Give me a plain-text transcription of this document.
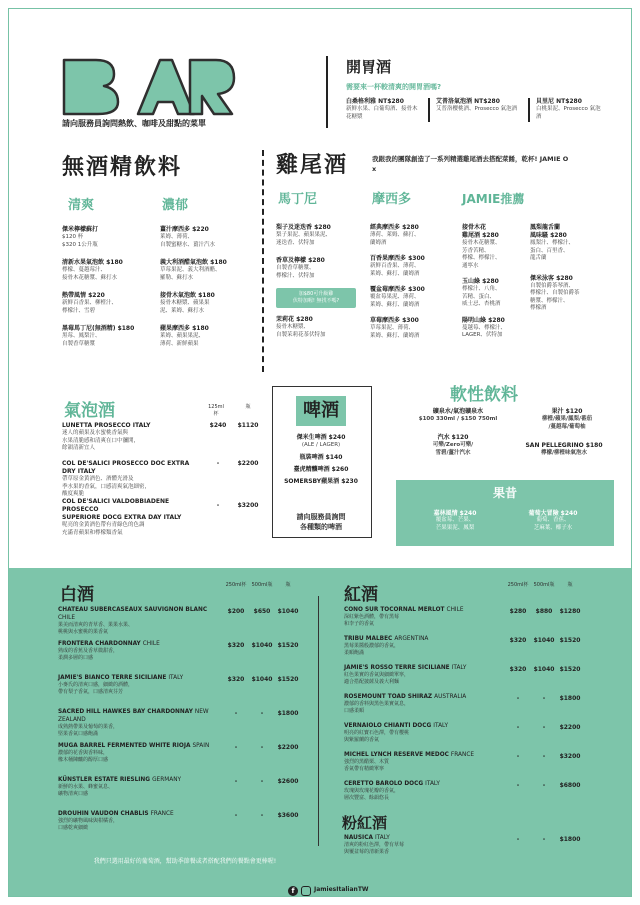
請向服務員詢問熱飲、咖啡及甜點的菜單
開胃酒
需要來一杯較清爽的開胃酒嗎?
白桑格利雅 NT$280
新鮮水果、白葡萄酒、接骨木花糖漿
艾普洛氣泡酒 NT$280
艾普洛櫻桃酒、Prosecco 氣泡酒
貝里尼 NT$280
白桃果泥、Prosecco 氣泡酒
無酒精飲料
清爽	濃郁
傑米檸檬蘇打
$120 杯
$320 1公升瓶
清新水果氣泡飲 $180
檸檬、蔓越莓汁、
接骨木花糖漿、蘇打水
熱帶風情 $220
新鮮百香果、柳橙汁、
檸檬汁、雪碧
黑莓馬丁尼(無酒精) $180
黑莓、鳳梨汁、
自製香草糖漿
薑汁摩西多 $220
萊姆、薄荷、
自製蜜糖水、薑汁汽水
義大利酒醋氣泡飲 $180
草莓果泥、義大利酒醋、
羅勒、蘇打水
接骨木氣泡飲 $180
接骨木糖漿、蘋果果
泥、萊姆、蘇打水
蘋果摩西多 $180
萊姆、蘋果果泥、
薄荷、新鮮蘋果
雞尾酒	我跟我的團隊創造了一系列精選雞尾酒去搭配菜餚，乾杯! JAMIE O x
馬丁尼	摩西多	JAMIE推薦
梨子及迷迭香 $280
梨子果泥、蘋果果泥、
迷迭香、伏特加
香草及檸檬 $280
自製香草糖漿、
檸檬汁、伏特加
加$80可升級雞
伏特加喔! 無找不嗎?
茉莉花 $280
接骨木糖漿、
自製茉莉花茶伏特加
經典摩西多 $280
薄荷、萊姆、蘇打、
蘭姆酒
百香果摩西多 $300
新鮮百香果、薄荷、
萊姆、蘇打、蘭姆酒
覆盆莓摩西多 $300
覆盆莓果泥、薄荷、
萊姆、蘇打、蘭姆酒
草莓摩西多 $300
草莓果泥、薄荷、
萊姆、蘇打、蘭姆酒
接骨木花
雞尾酒 $280
接骨木花糖漿、
芳香苦精、
檸檬、檸檬汁、
通寧水
玉山綠 $280
檸檬汁、八角、
苦精、蛋白、
威士忌、杏桃酒
陽明山綠 $280
蔓越莓、檸檬汁、
LAGER、伏特加
鳳梨龍舌蘭
風味騷 $280
鳳梨汁、檸檬汁、
蛋白、百里香、
龍舌蘭
傑米泳客 $280
自製伯爵茶琴酒、
檸檬汁、自製伯爵茶
糖漿、檸檬汁、
檸檬酒
氣泡酒	125ml 杯
瓶
LUNETTA PROSECCO ITALY
迷人的蘋果及水蜜桃香氣與
水果清脆感和清爽在口中瀰開，
餘韻清新宜人
$240	$1120
COL DE'SALICI PROSECCO DOC EXTRA DRY ITALY
帶草原金黃酒色、酒體光滑及
季水果的香氣，口感清爽氣泡細密，
酸度爽脆
-	$2200
COL DE'SALICI VALDOBBIADENE PROSECCO
SUPERIORE DOCG EXTRA DAY ITALY
呢亮的金黃酒色帶有青綠色的色調
充滿青蘋果和檸檬類香氣
-	$3200
啤酒
傑米生啤酒 $240
(ALE / LAGER)
瓶裝啤酒 $140
臺虎精釀啤酒 $260
SOMERSBY蘋果酒 $230
請向服務員詢問
各種類的啤酒
軟性飲料
礦泉水/氣泡礦泉水
$100 330ml / $150 750ml
果汁 $120
柳橙/蘋果/鳳梨/番茄
/蔓越莓/葡萄柚
汽水 $120
可樂/Zero可樂/
雪碧/薑汁汽水
SAN PELLEGRINO $180
檸檬/柳橙味氣泡水
果昔
嘉林風情 $240
覆盆莓、芒果、
芒果果泥、鳳梨
葡萄大冒險 $240
葡萄、香蕉、
芝麻葉、椰子水
白酒	250ml杯	500ml瓶	瓶	紅酒	250ml杯	500ml瓶	瓶
CHATEAU SUBERCASEAUX SAUVIGNON BLANC CHILE
果美而清爽的青草香、果果水果、
桃桃與水蜜桃的果香氣
$200	$650	$1040
FRONTERA CHARDONNAY CHILE
熟成的香蕉及香草微甜香，
柔潤多層的口感
$320	$1040 $1520
JAMIE'S BIANCO TERRE SICILIANE ITALY
小麥氏的清爽口感，細緻的酒體，
帶有梨子香氣，口感清爽芬芳
$320	$1040 $1520
SACRED HILL HAWKES BAY CHARDONNAY NEW ZEALAND
成熟熱帶果及葡萄的果香，
堅果香氣口感飽滿
-	-	$1800
MUGA BARREL FERMENTED WHITE RIOJA SPAIN
濃郁的花香與香料味，
橡木桶陳釀的醇厚口感
-	-	$2200
KÜNSTLER ESTATE RIESLING GERMANY
新鮮的水果、蜂蜜氣息、
礦物清爽口感
-	-	$2600
DROUHIN VAUDON CHABLIS FRANCE
強烈的礦物風味與柑橘香，
口感乾爽細緻
-	-	$3600
CONO SUR TOCORNAL MERLOT CHILE
深紅紫色酒體，帶有黑莓
和李子的香氣
$280	$880	$1280
TRIBU MALBEC ARGENTINA
黑莓果醬般濃郁的香氣，
柔順飽滿
$320	$1040 $1520
JAMIE'S ROSSO TERRE SICILIANE ITALY
紅色果實的香氣與細緻單寧，
適合搭配披薩及義大利麵
$320	$1040 $1520
ROSEMOUNT TOAD SHIRAZ AUSTRALIA
濃郁的香料與黑色果實氣息，
口感柔順
-	-	$1800
VERNAIOLO CHIANTI DOCG ITALY
明亮的紅寶石色澤，帶有櫻桃
與紫羅蘭的香氣
-	-	$2200
MICHEL LYNCH RESERVE MEDOC FRANCE
強烈的黑醋栗、木質
香氣帶有精緻單寧
-	-	$3200
CERETTO BAROLO DOCG ITALY
玫瑰與玫瑰花瓣的香氣，
層次豐富、餘韻悠長
-	-	$6800
粉紅酒
NAUSICA ITALY
清爽的粉紅色澤，帶有草莓
與覆盆莓的清新果香
-	-	$1800
我們只選用最好的葡萄酒，幫助季節餐或者搭配我們的餐點會更棒喔!
f	JamiesItalianTW
